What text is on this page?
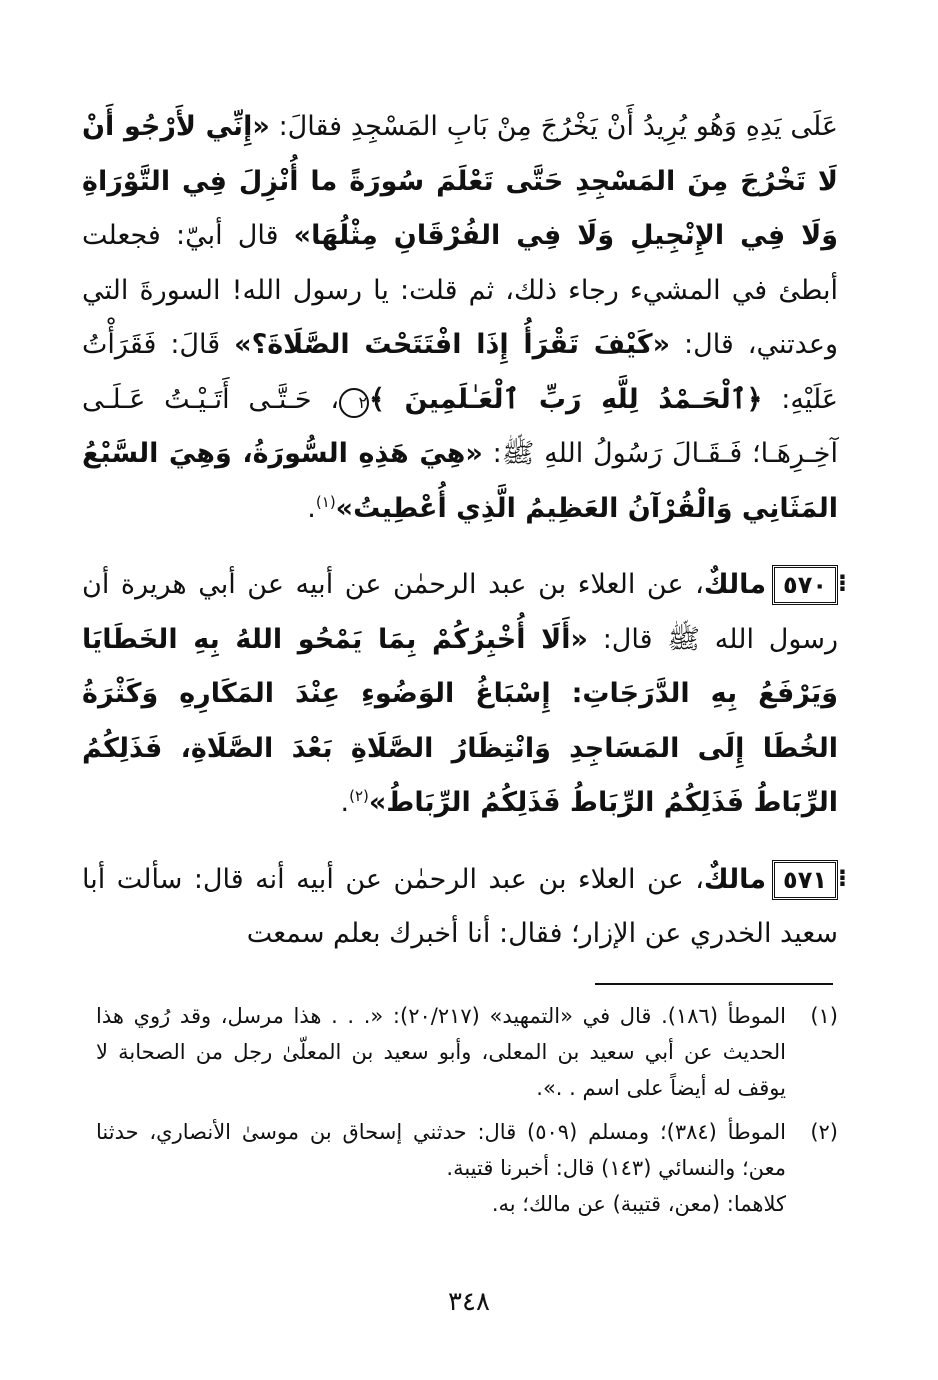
عَلَى يَدِهِ وَهُو يُرِيدُ أَنْ يَخْرُجَ مِنْ بَابِ المَسْجِدِ فقالَ: «إِنِّي لأَرْجُو أَنْ لَا تَخْرُجَ مِنَ المَسْجِدِ حَتَّى تَعْلَمَ سُورَةً ما أُنْزِلَ فِي التَّوْرَاةِ وَلَا فِي الإِنْجِيلِ وَلَا فِي الفُرْقَانِ مِثْلُهَا» قال أبيّ: فجعلت أبطئ في المشيء رجاء ذلك، ثم قلت: يا رسول الله! السورةَ التي وعدتني، قال: «كَيْفَ تَقْرَأُ إِذَا افْتَتَحْتَ الصَّلَاةَ؟» قَالَ: فَقَرَأْتُ عَلَيْهِ: ﴿ٱلْحَـمْدُ لِلَّهِ رَبِّ ٱلْعَـٰلَمِينَ ﴾٢، حَـتَّـى أَتَـيْـتُ عَـلَـى آخِـرِهَـا؛ فَـقَـالَ رَسُولُ اللهِ ﷺ: «هِيَ هَذِهِ السُّورَةُ، وَهِيَ السَّبْعُ المَثَانِي وَالْقُرْآنُ العَظِيمُ الَّذِي أُعْطِيتُ»$^{(١)}$.

⁝ ٥٧٠مالكٌ، عن العلاء بن عبد الرحمٰن عن أبيه عن أبي هريرة أن رسول الله ﷺ قال: «أَلَا أُخْبِرُكُمْ بِمَا يَمْحُو اللهُ بِهِ الخَطَايَا وَيَرْفَعُ بِهِ الدَّرَجَاتِ: إِسْبَاغُ الوَضُوءِ عِنْدَ المَكَارِهِ وَكَثْرَةُ الخُطَا إِلَى المَسَاجِدِ وَانْتِظَارُ الصَّلَاةِ بَعْدَ الصَّلَاةِ، فَذَلِكُمُ الرِّبَاطُ فَذَلِكُمُ الرِّبَاطُ فَذَلِكُمُ الرِّبَاطُ»$^{(٢)}$.

⁝ ٥٧١مالكٌ، عن العلاء بن عبد الرحمٰن عن أبيه أنه قال: سألت أبا سعيد الخدري عن الإزار؛ فقال: أنا أخبرك بعلم سمعت

(١)
الموطأ (١٨٦). قال في «التمهيد» (٢٠/٢١٧): «. . . هذا مرسل، وقد رُوي هذا الحديث عن أبي سعيد بن المعلى، وأبو سعيد بن المعلّىٰ رجل من الصحابة لا يوقف له أيضاً على اسم . .».
(٢)
الموطأ (٣٨٤)؛ ومسلم (٥٠٩) قال: حدثني إسحاق بن موسىٰ الأنصاري، حدثنا معن؛ والنسائي (١٤٣) قال: أخبرنا قتيبة.
كلاهما: (معن، قتيبة) عن مالك؛ به.
٣٤٨
